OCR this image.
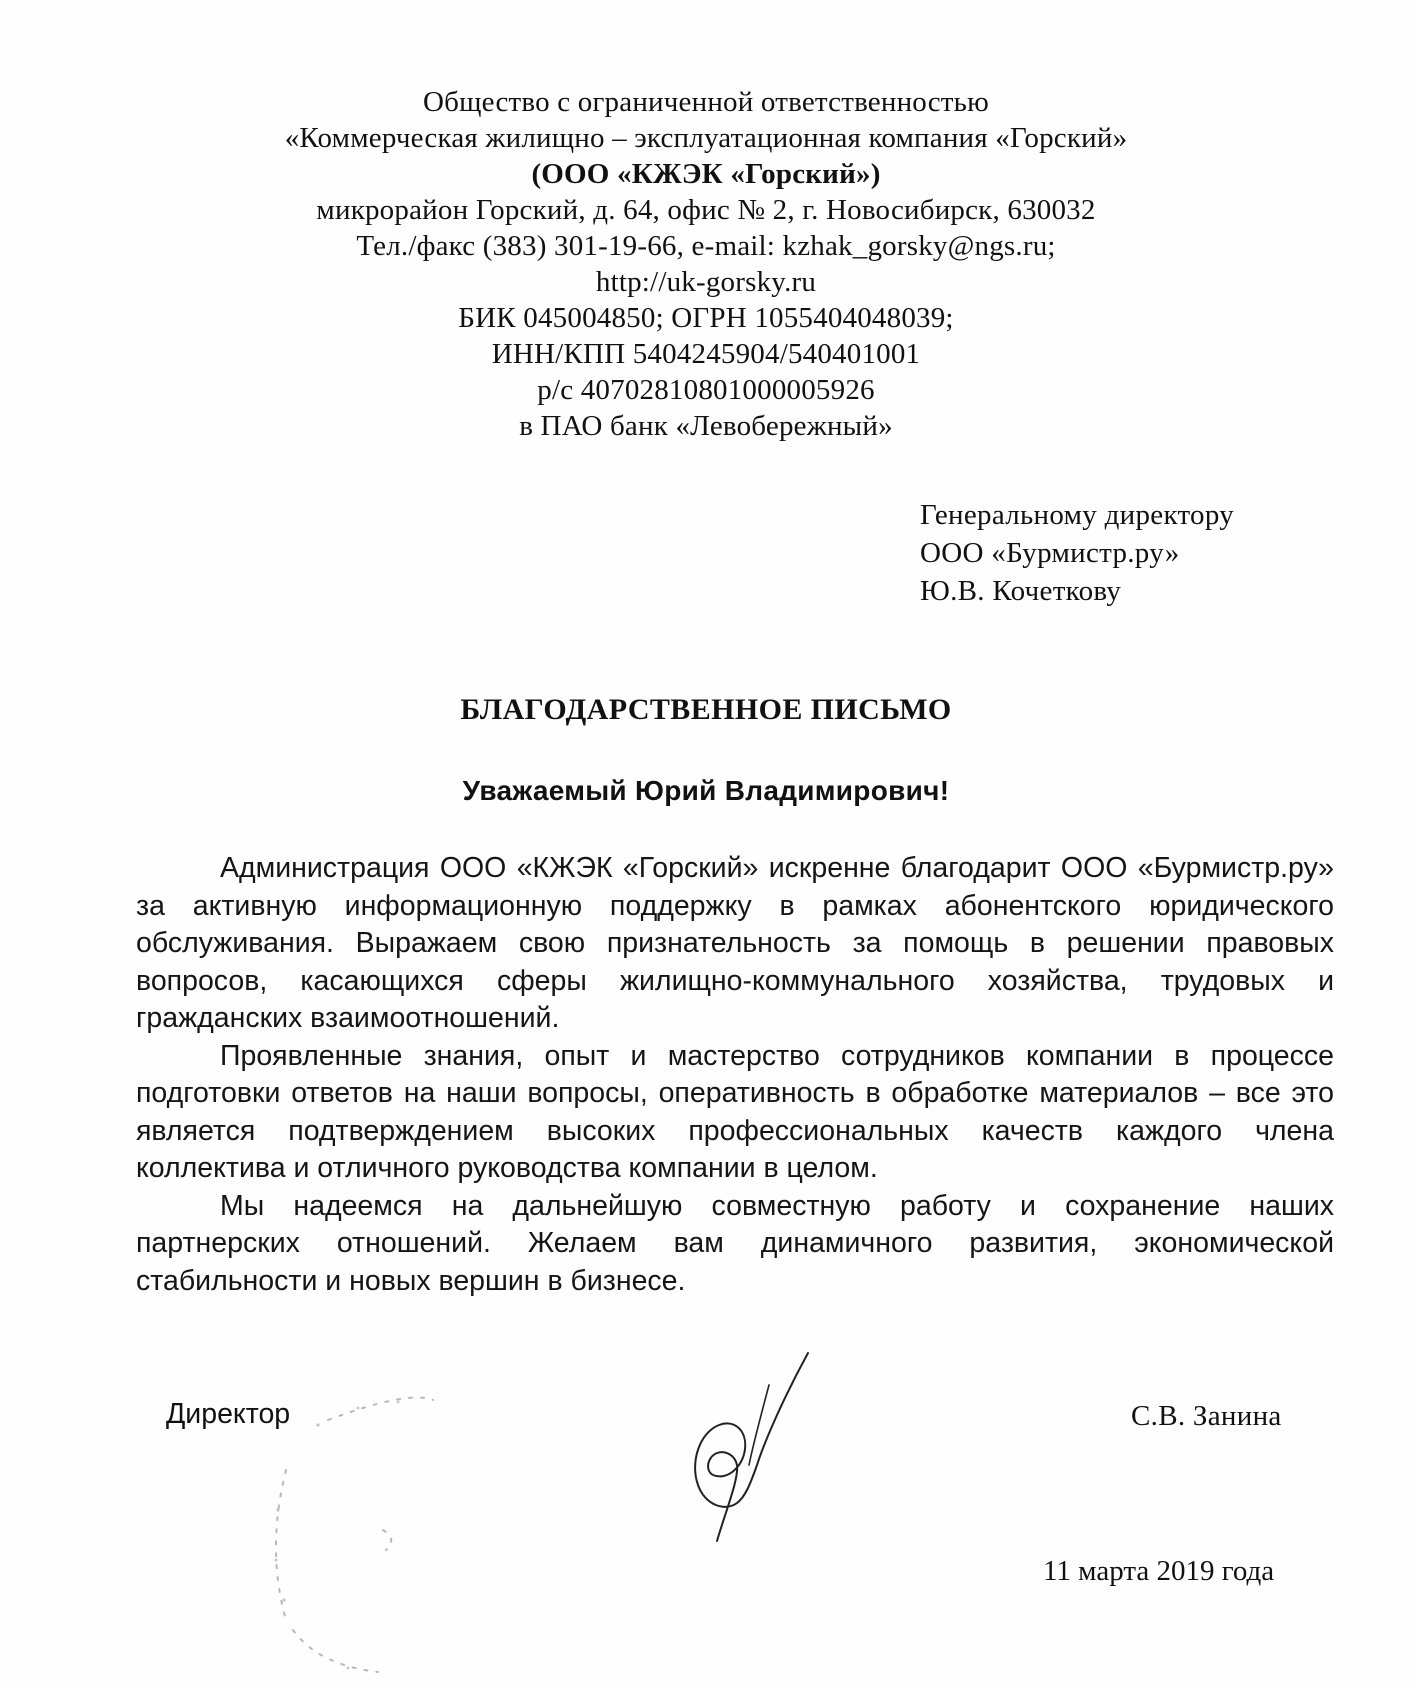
Общество с ограниченной ответственностью
«Коммерческая жилищно – эксплуатационная компания «Горский»
(ООО «КЖЭК «Горский»)
микрорайон Горский, д. 64, офис № 2, г. Новосибирск, 630032
Тел./факс (383) 301-19-66, e-mail: kzhak_gorsky@ngs.ru;
http://uk-gorsky.ru
БИК 045004850; ОГРН 1055404048039;
ИНН/КПП 5404245904/540401001
р/с 40702810801000005926
в ПАО банк «Левобережный»
Генеральному директору
ООО «Бурмистр.ру»
Ю.В. Кочеткову
БЛАГОДАРСТВЕННОЕ ПИСЬМО
Уважаемый Юрий Владимирович!

Администрация ООО «КЖЭК «Горский» искренне благодарит ООО «Бурмистр.ру» за активную информационную поддержку в рамках абонентского юридического обслуживания. Выражаем свою признательность за помощь в решении правовых вопросов, касающихся сферы жилищно-коммунального хозяйства, трудовых и гражданских взаимоотношений.

Проявленные знания, опыт и мастерство сотрудников компании в процессе подготовки ответов на наши вопросы, оперативность в обработке материалов – все это является подтверждением высоких профессиональных качеств каждого члена коллектива и отличного руководства компании в целом.

Мы надеемся на дальнейшую совместную работу и сохранение наших партнерских отношений. Желаем вам динамичного развития, экономической стабильности и новых вершин в бизнесе.

Директор	С.В. Занина
11 марта 2019 года
